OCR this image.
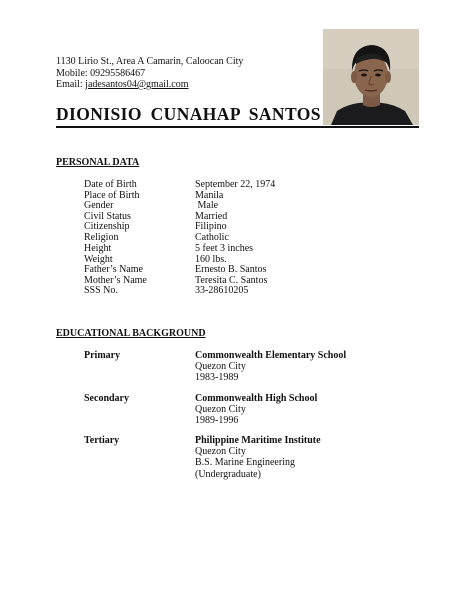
1130 Lirio St., Area A Camarin, Caloocan City
Mobile: 09295586467
Email: jadesantos04@gmail.com
DIONISIO CUNAHAP SANTOS
PERSONAL DATA
Date of Birth	September 22, 1974
Place of Birth	Manila
Gender	Male
Civil Status	Married
Citizenship	Filipino
Religion	Catholic
Height	5 feet 3 inches
Weight	160 lbs.
Father’s Name	Ernesto B. Santos
Mother’s Name	Teresita C. Santos
SSS No.	33-28610205
EDUCATIONAL BACKGROUND
Primary	Commonwealth Elementary School
Quezon City
1983-1989
Secondary	Commonwealth High School
Quezon City
1989-1996
Tertiary	Philippine Maritime Institute
Quezon City
B.S. Marine Engineering
(Undergraduate)
